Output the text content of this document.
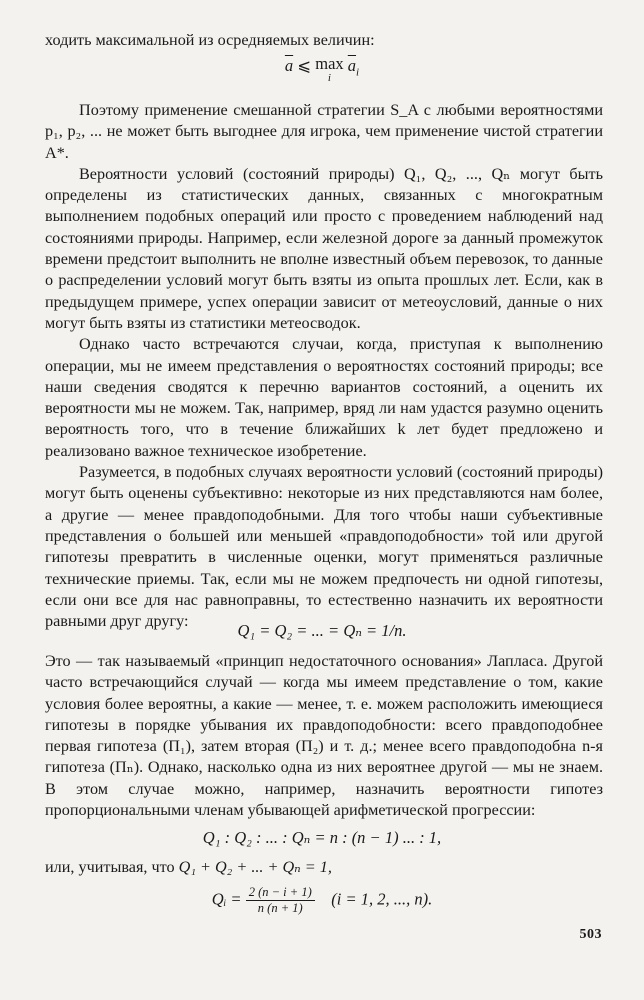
ходить максимальной из осредняемых величин:

$\overline{a}$ ⩽ max
i
$\overline{a}_i$

Поэтому применение смешанной стратегии S_A с любыми вероятностями p₁, p₂, ... не может быть выгоднее для игрока, чем применение чистой стратегии A*.

Вероятности условий (состояний природы) Q₁, Q₂, ..., Qₙ могут быть определены из статистических данных, связанных с многократным выполнением подобных операций или просто с проведением наблюдений над состояниями природы. Например, если железной дороге за данный промежуток времени предстоит выполнить не вполне известный объем перевозок, то данные о распределении условий могут быть взяты из опыта прошлых лет. Если, как в предыдущем примере, успех операции зависит от метеоусловий, данные о них могут быть взяты из статистики метеосводок.

Однако часто встречаются случаи, когда, приступая к выполнению операции, мы не имеем представления о вероятностях состояний природы; все наши сведения сводятся к перечню вариантов состояний, а оценить их вероятности мы не можем. Так, например, вряд ли нам удастся разумно оценить вероятность того, что в течение ближайших k лет будет предложено и реализовано важное техническое изобретение.

Разумеется, в подобных случаях вероятности условий (состояний природы) могут быть оценены субъективно: некоторые из них представляются нам более, а другие — менее правдоподобными. Для того чтобы наши субъективные представления о большей или меньшей «правдоподобности» той или другой гипотезы превратить в численные оценки, могут применяться различные технические приемы. Так, если мы не можем предпочесть ни одной гипотезы, если они все для нас равноправны, то естественно назначить их вероятности равными друг другу:	Q₁ = Q₂ = ... = Qₙ = 1/n.

Это — так называемый «принцип недостаточного основания» Лапласа. Другой часто встречающийся случай — когда мы имеем представление о том, какие условия более вероятны, а какие — менее, т. е. можем расположить имеющиеся гипотезы в порядке убывания их правдоподобности: всего правдоподобнее первая гипотеза (П₁), затем вторая (П₂) и т. д.; менее всего правдоподобна n-я гипотеза (Пₙ). Однако, насколько одна из них вероятнее другой — мы не знаем. В этом случае можно, например, назначить вероятности гипотез пропорциональными членам убывающей арифметической прогрессии:

Q₁ : Q₂ : ... : Qₙ = n : (n − 1) ... : 1,
или, учитывая, что Q₁ + Q₂ + ... + Qₙ = 1,
Qᵢ = $\frac{2 (n - i + 1)}{n (n + 1)} (i = 1$, 2, ..., n).
503
